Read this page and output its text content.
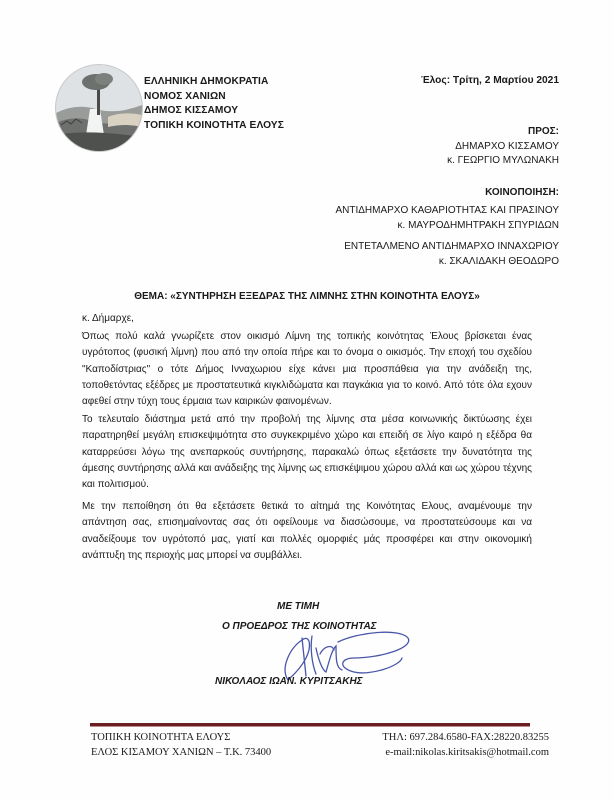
ΕΛΛΗΝΙΚΗ ΔΗΜΟΚΡΑΤΙΑ
ΝΟΜΟΣ ΧΑΝΙΩΝ
ΔΗΜΟΣ ΚΙΣΣΑΜΟΥ
ΤΟΠΙΚΗ ΚΟΙΝΟΤΗΤΑ ΕΛΟΥΣ
Έλος: Τρίτη, 2 Μαρτίου 2021
ΠΡΟΣ:
ΔΗΜΑΡΧΟ ΚΙΣΣΑΜΟΥ
κ. ΓΕΩΡΓΙΟ ΜΥΛΩΝΑΚΗ
ΚΟΙΝΟΠΟΙΗΣΗ:
ΑΝΤΙΔΗΜΑΡΧΟ ΚΑΘΑΡΙΟΤΗΤΑΣ ΚΑΙ ΠΡΑΣΙΝΟΥ
κ. ΜΑΥΡΟΔΗΜΗΤΡΑΚΗ ΣΠΥΡΙΔΩΝ
ΕΝΤΕΤΑΛΜΕΝΟ ΑΝΤΙΔΗΜΑΡΧΟ ΙΝΝΑΧΩΡΙΟΥ
κ. ΣΚΑΛΙΔΑΚΗ ΘΕΟΔΩΡΟ
ΘΕΜΑ: «ΣΥΝΤΗΡΗΣΗ ΕΞΕΔΡΑΣ ΤΗΣ ΛΙΜΝΗΣ ΣΤΗΝ ΚΟΙΝΟΤΗΤΑ ΕΛΟΥΣ»
κ. Δήμαρχε,

Όπως πολύ καλά γνωρίζετε στον οικισμό Λίμνη της τοπικής κοινότητας Έλους βρίσκεται ένας υγρότοπος (φυσική λίμνη) που από την οποία πήρε και το όνομα ο οικισμός. Την εποχή του σχεδίου "Καποδίστριας" ο τότε Δήμος Ινναχωριου είχε κάνει μια προσπάθεια για την ανάδειξη της, τοποθετόντας εξέδρες με προστατευτικά κιγκλιδώματα και παγκάκια για το κοινό. Από τότε όλα εχουν αφεθεί στην τύχη τους έρμαια των καιρικών φαινομένων.

Το τελευταίο διάστημα μετά από την προβολή της λίμνης στα μέσα κοινωνικής δικτύωσης έχει παρατηρηθεί μεγάλη επισκεψιμότητα στο συγκεκριμένο χώρο και επειδή σε λίγο καιρό η εξέδρα θα καταρρεύσει λόγω της ανεπαρκούς συντήρησης, παρακαλώ όπως εξετάσετε την δυνατότητα της άμεσης συντήρησης αλλά και ανάδειξης της λίμνης ως επισκέψιμου χώρου αλλά και ως χώρου τέχνης και πολιτισμού.

Με την πεποίθηση ότι θα εξετάσετε θετικά το αίτημά της Κοινότητας Ελους, αναμένουμε την απάντηση σας, επισημαίνοντας σας ότι οφείλουμε να διασώσουμε, να προστατεύσουμε και να αναδείξουμε τον υγρότοπό μας, γιατί και πολλές ομορφιές μάς προσφέρει και στην οικονομική ανάπτυξη της περιοχής μας μπορεί να συμβάλλει.

ΜΕ ΤΙΜΗ
Ο ΠΡΟΕΔΡΟΣ ΤΗΣ ΚΟΙΝΟΤΗΤΑΣ
ΝΙΚΟΛΑΟΣ ΙΩΑΝ. ΚΥΡΙΤΣΑΚΗΣ
ΤΟΠΙΚΗ ΚΟΙΝΟΤΗΤΑ ΕΛΟΥΣ
ΕΛΟΣ ΚΙΣΑΜΟΥ ΧΑΝΙΩΝ – Τ.Κ. 73400
ΤΗΛ: 697.284.6580-FAX:28220.83255
e-mail:nikolas.kiritsakis@hotmail.com
